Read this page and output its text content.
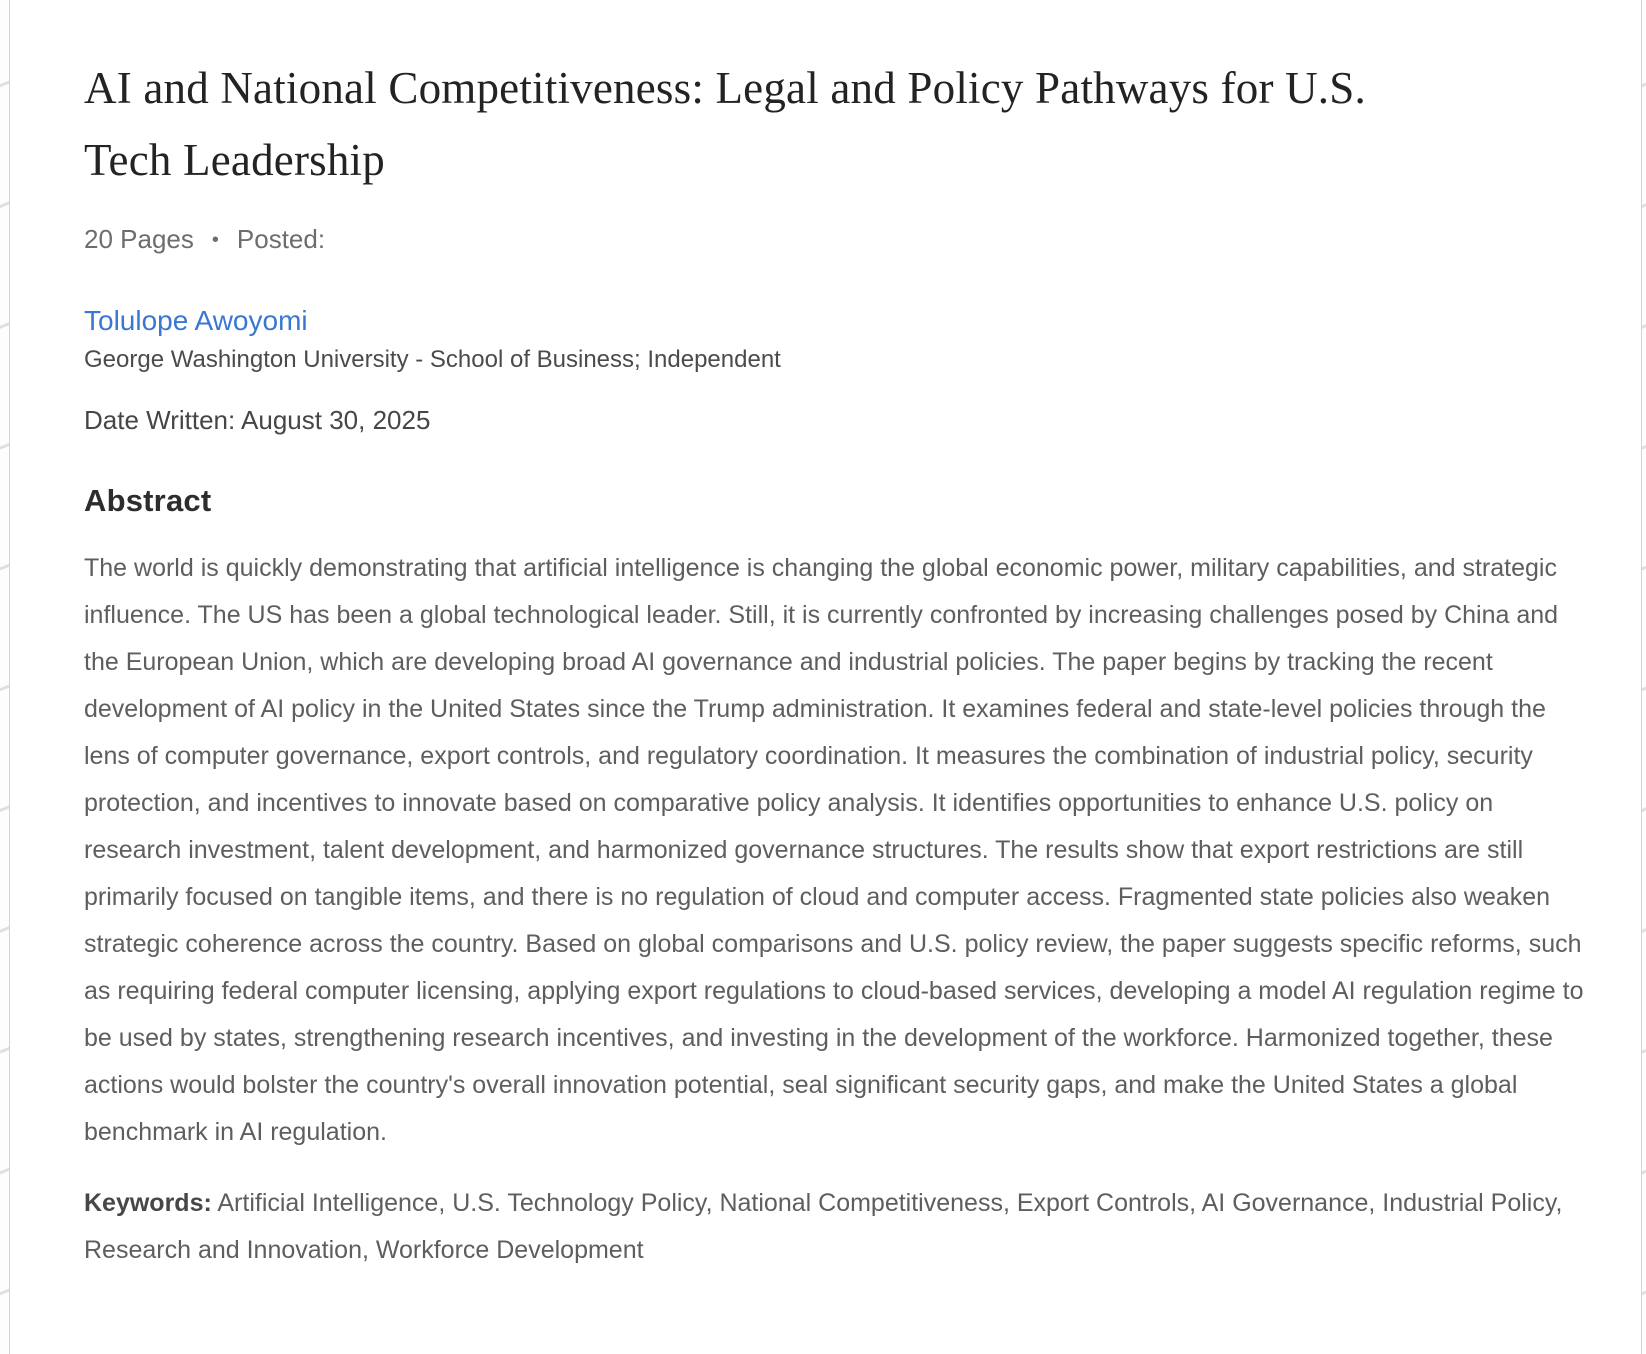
AI and National Competitiveness: Legal and Policy Pathways for U.S. Tech Leadership
20 Pages • Posted:
Tolulope Awoyomi
George Washington University - School of Business; Independent
Date Written: August 30, 2025
Abstract

The world is quickly demonstrating that artificial intelligence is changing the global economic power, military capabilities, and strategic influence. The US has been a global technological leader. Still, it is currently confronted by increasing challenges posed by China and the European Union, which are developing broad AI governance and industrial policies. The paper begins by tracking the recent development of AI policy in the United States since the Trump administration. It examines federal and state-level policies through the lens of computer governance, export controls, and regulatory coordination. It measures the combination of industrial policy, security protection, and incentives to innovate based on comparative policy analysis. It identifies opportunities to enhance U.S. policy on research investment, talent development, and harmonized governance structures. The results show that export restrictions are still primarily focused on tangible items, and there is no regulation of cloud and computer access. Fragmented state policies also weaken strategic coherence across the country. Based on global comparisons and U.S. policy review, the paper suggests specific reforms, such as requiring federal computer licensing, applying export regulations to cloud-based services, developing a model AI regulation regime to be used by states, strengthening research incentives, and investing in the development of the workforce. Harmonized together, these actions would bolster the country's overall innovation potential, seal significant security gaps, and make the United States a global benchmark in AI regulation.

Keywords: Artificial Intelligence, U.S. Technology Policy, National Competitiveness, Export Controls, AI Governance, Industrial Policy, Research and Innovation, Workforce Development
